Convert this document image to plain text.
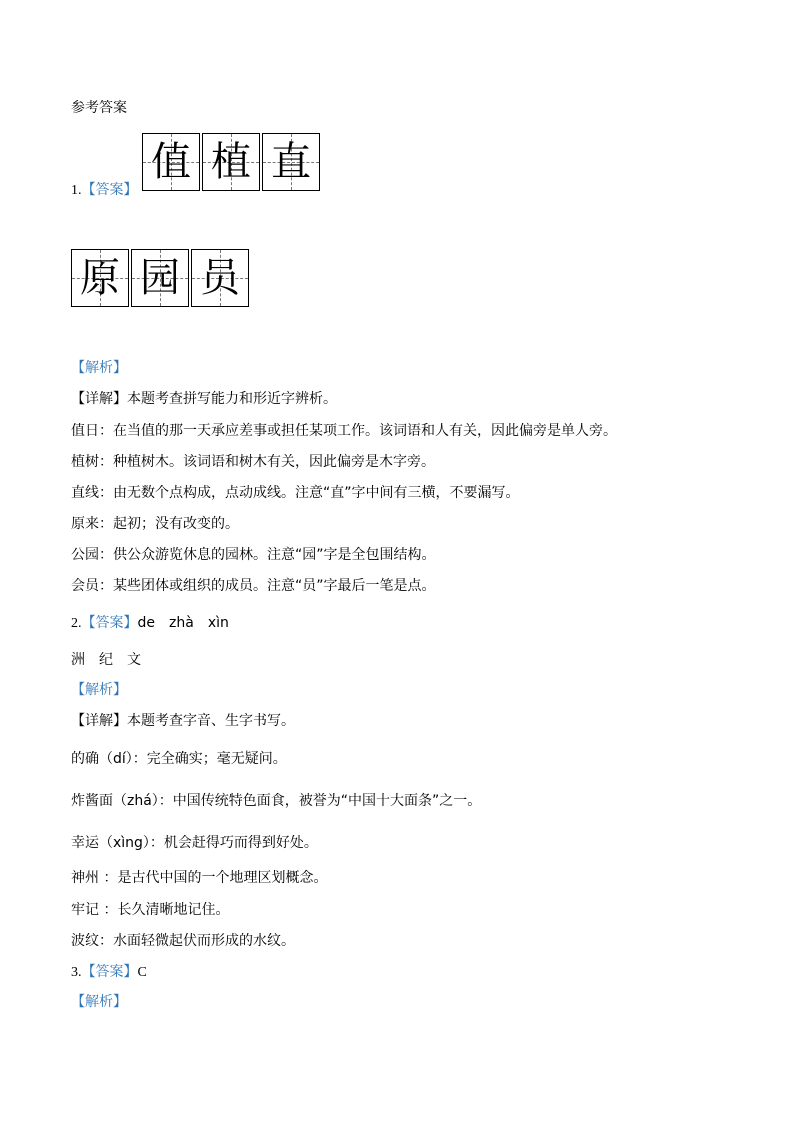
参考答案
1.【答案】
值 植 直
原 园 员
【解析】
【详解】本题考查拼写能力和形近字辨析。
值日：在当值的那一天承应差事或担任某项工作。该词语和人有关，因此偏旁是单人旁。
植树：种植树木。该词语和树木有关，因此偏旁是木字旁。
直线：由无数个点构成，点动成线。注意“直”字中间有三横，不要漏写。
原来：起初；没有改变的。
公园：供公众游览休息的园林。注意“园”字是全包围结构。
会员：某些团体或组织的成员。注意“员”字最后一笔是点。
2.【答案】de zhà xìn
洲 纪 文
【解析】
【详解】本题考查字音、生字书写。
的确（dí）：完全确实；毫无疑问。
炸酱面（zhá）：中国传统特色面食，被誉为“中国十大面条”之一。
幸运（xìng）：机会赶得巧而得到好处。
神州 ：是古代中国的一个地理区划概念。
牢记 ：长久清晰地记住。
波纹：水面轻微起伏而形成的水纹。
3.【答案】C
【解析】
